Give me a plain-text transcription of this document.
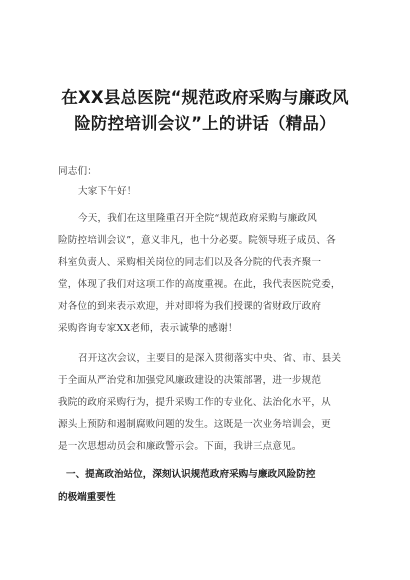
在XX县总医院“规范政府采购与廉政风
险防控培训会议”上的讲话（精品）
同志们：
大家下午好！
今天，我们在这里隆重召开全院“规范政府采购与廉政风
险防控培训会议”，意义非凡，也十分必要。院领导班子成员、各
科室负责人、采购相关岗位的同志们以及各分院的代表齐聚一
堂，体现了我们对这项工作的高度重视。在此，我代表医院党委，
对各位的到来表示欢迎，并对即将为我们授课的省财政厅政府
采购咨询专家XX老师，表示诚挚的感谢！
召开这次会议，主要目的是深入贯彻落实中央、省、市、县关
于全面从严治党和加强党风廉政建设的决策部署，进一步规范
我院的政府采购行为，提升采购工作的专业化、法治化水平，从
源头上预防和遏制腐败问题的发生。这既是一次业务培训会，更
是一次思想动员会和廉政警示会。下面，我讲三点意见。
一、提高政治站位，深刻认识规范政府采购与廉政风险防控
的极端重要性
